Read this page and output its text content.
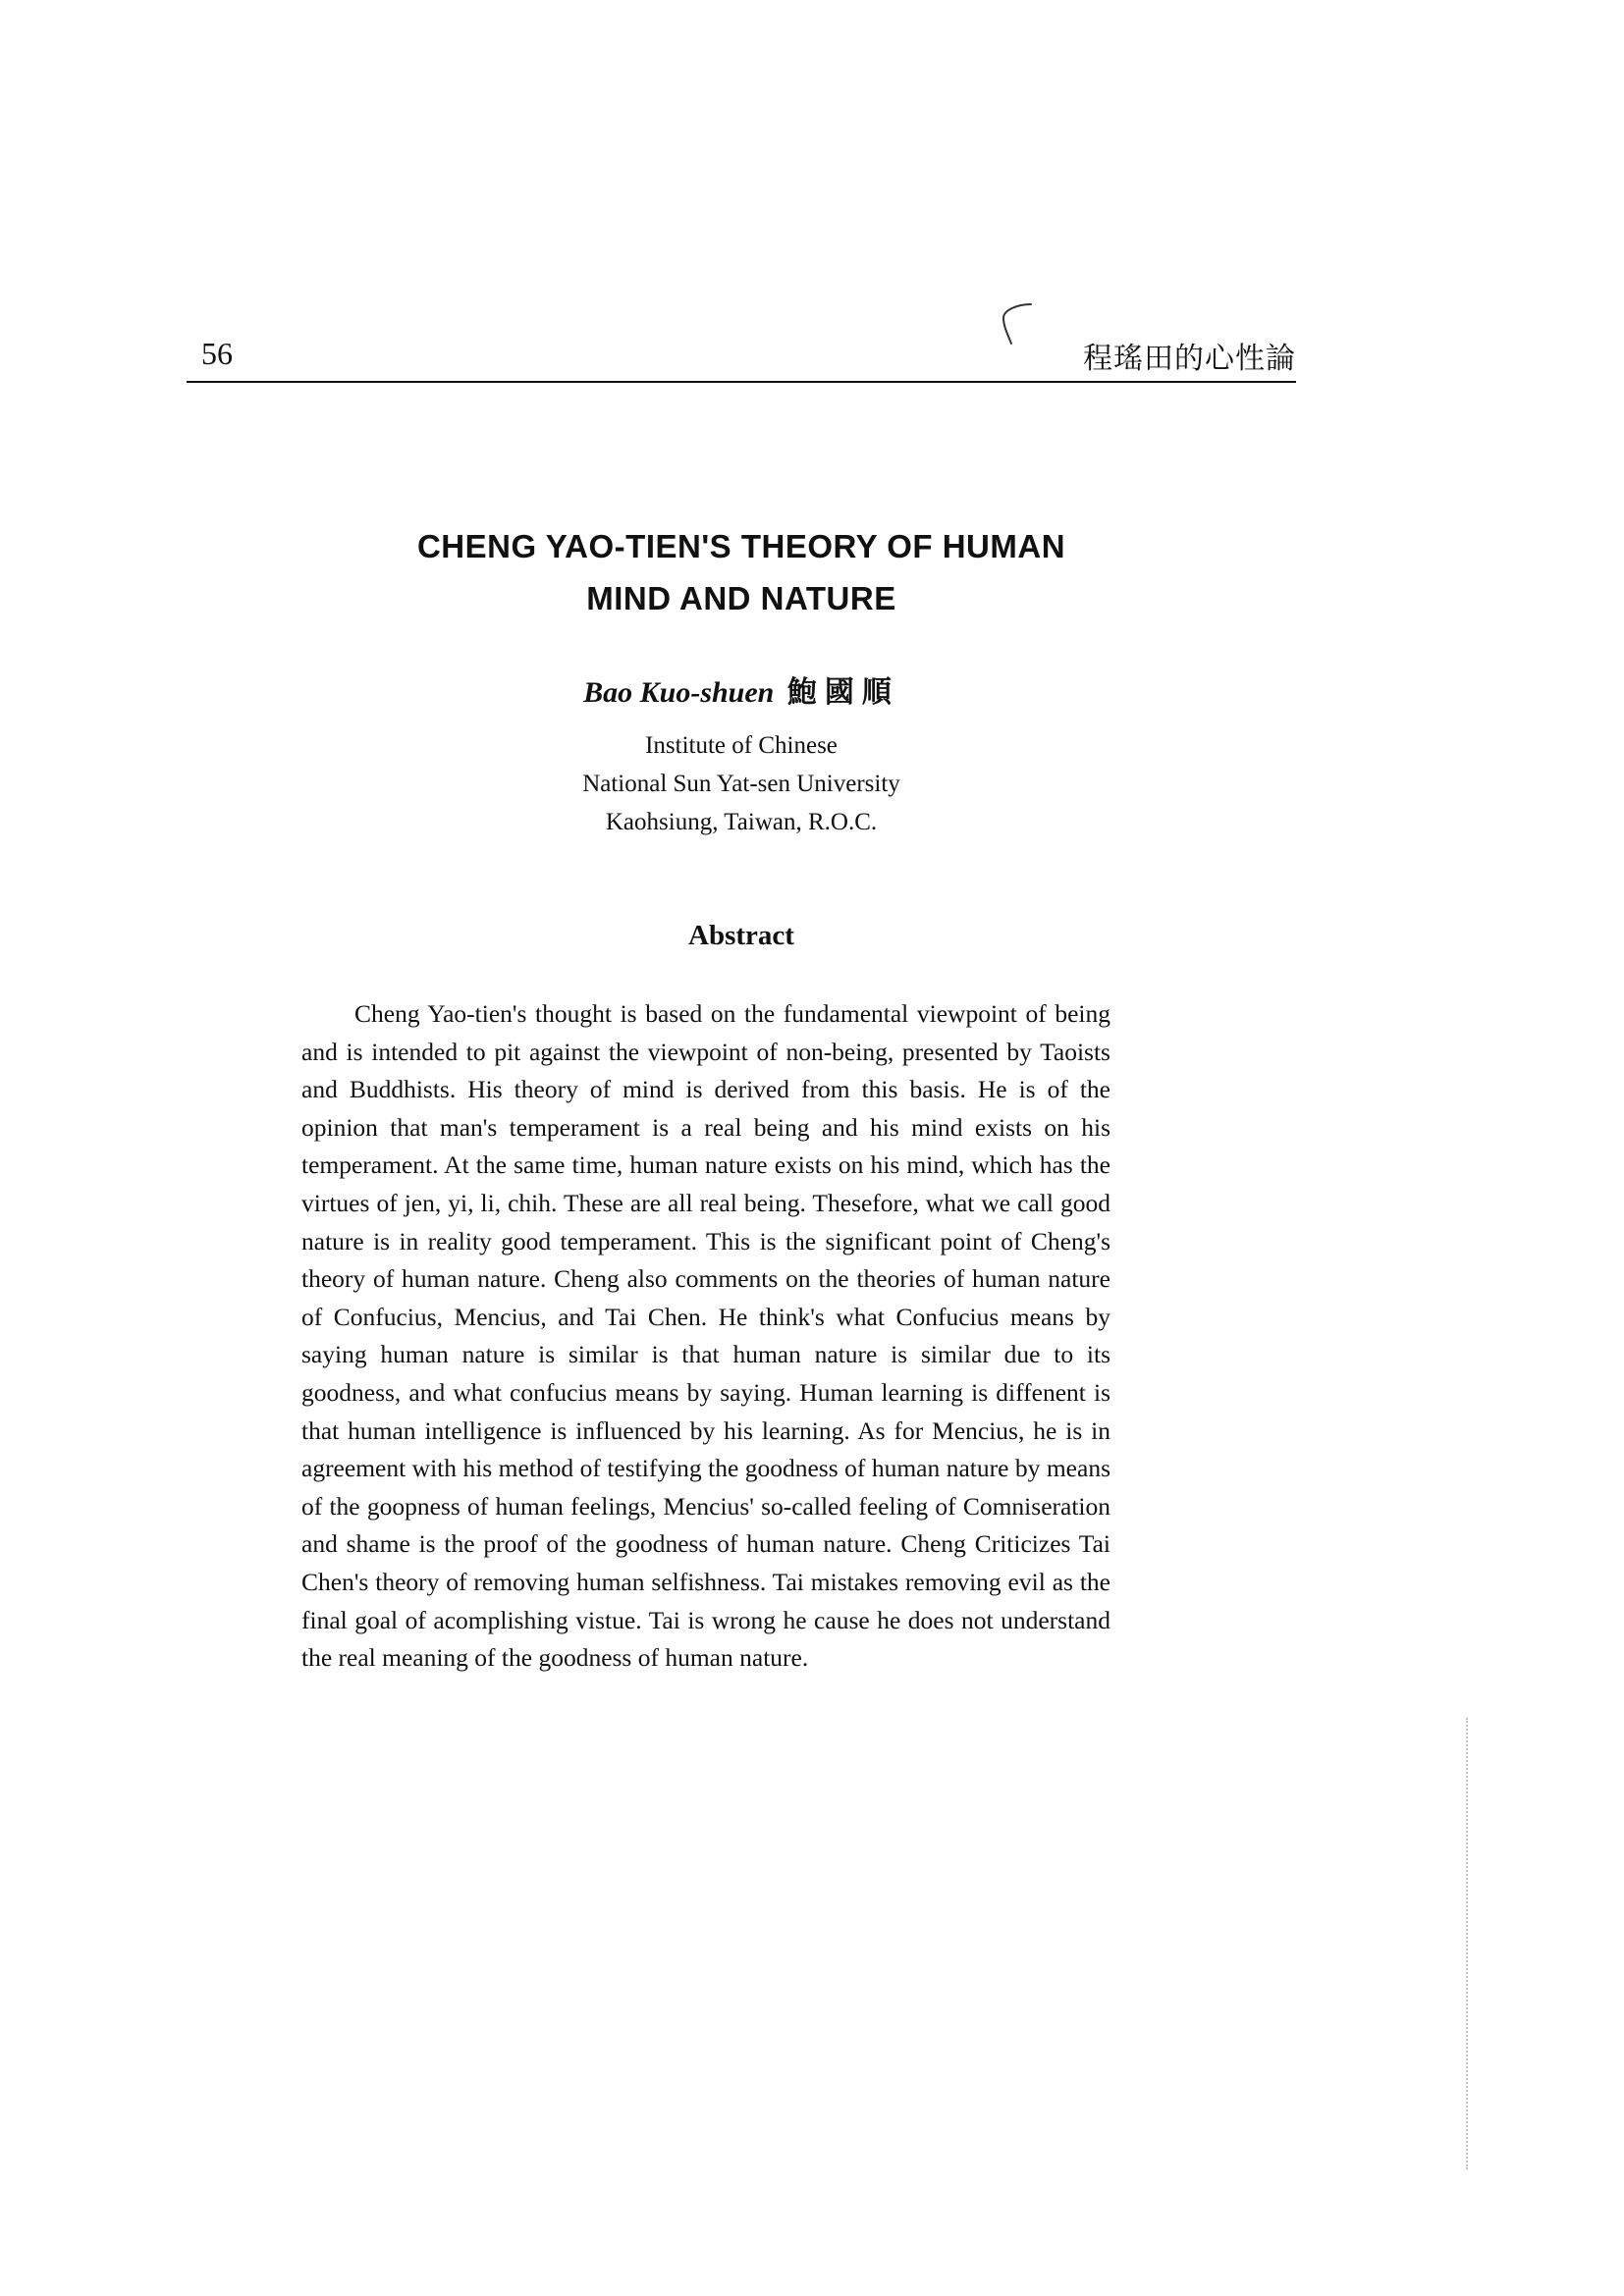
56	程瑤田的心性論
CHENG YAO-TIEN'S THEORY OF HUMAN
MIND AND NATURE
Bao Kuo-shuen 鮑國順
Institute of Chinese
National Sun Yat-sen University
Kaohsiung, Taiwan, R.O.C.
Abstract

Cheng Yao-tien's thought is based on the fundamental viewpoint of being and is intended to pit against the viewpoint of non-being, presented by Taoists and Buddhists. His theory of mind is derived from this basis. He is of the opinion that man's temperament is a real being and his mind exists on his temperament. At the same time, human nature exists on his mind, which has the virtues of jen, yi, li, chih. These are all real being. Thesefore, what we call good nature is in reality good temperament. This is the significant point of Cheng's theory of human nature. Cheng also comments on the theories of human nature of Confucius, Mencius, and Tai Chen. He think's what Confucius means by saying human nature is similar is that human nature is similar due to its goodness, and what confucius means by saying. Human learning is diffenent is that human intelligence is influenced by his learning. As for Mencius, he is in agreement with his method of testifying the goodness of human nature by means of the goopness of human feelings, Mencius' so-called feeling of Comniseration and shame is the proof of the goodness of human nature. Cheng Criticizes Tai Chen's theory of removing human selfishness. Tai mistakes removing evil as the final goal of acomplishing vistue. Tai is wrong he cause he does not understand the real meaning of the goodness of human nature.
